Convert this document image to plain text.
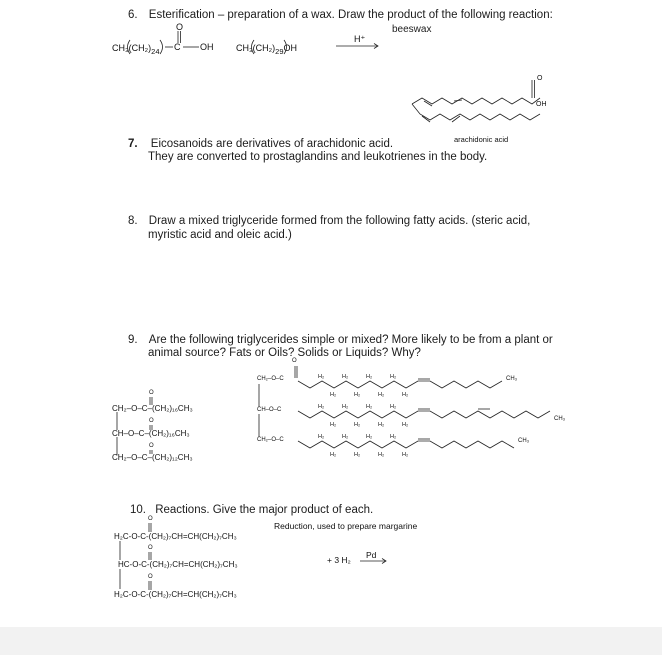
6. Esterification – preparation of a wax. Draw the product of the following reaction:
beeswax
$CH_3(CH_2)_{24}$
O
C OH	$CH_3(CH_2)_{29}OH$
H⁺
OH
O
arachidonic acid
7. Eicosanoids are derivatives of arachidonic acid.
They are converted to prostaglandins and leukotrienes in the body.
8. Draw a mixed triglyceride formed from the following fatty acids. (steric acid,
myristic acid and oleic acid.)
9. Are the following triglycerides simple or mixed? More likely to be from a plant or
animal source? Fats or Oils? Solids or Liquids? Why?
O
CH₂–O–C–(CH₂)₁₆CH₃
O
CH–O–C–(CH₂)₁₆CH₃
O
CH₂–O–C–(CH₂)₁₂CH₃
CH₂–O–C
CH–O–C
CH₂–O–C
O
CH₃
CH₃
CH₃
H₂
H₂
H₂
H₂
H₂
H₂
H₂
H₂
H₂
H₂
H₂
H₂
H₂
H₂
H₂
H₂
H₂
H₂
H₂
H₂
H₂
H₂
H₂
H₂
10. Reactions. Give the major product of each.
Reduction, used to prepare margarine
O
H₂C-O-C-(CH₂)₇CH=CH(CH₂)₇CH₃
O
HC-O-C-(CH₂)₇CH=CH(CH₂)₇CH₃
O
H₂C-O-C-(CH₂)₇CH=CH(CH₂)₇CH₃
+ 3 H₂ Pd
